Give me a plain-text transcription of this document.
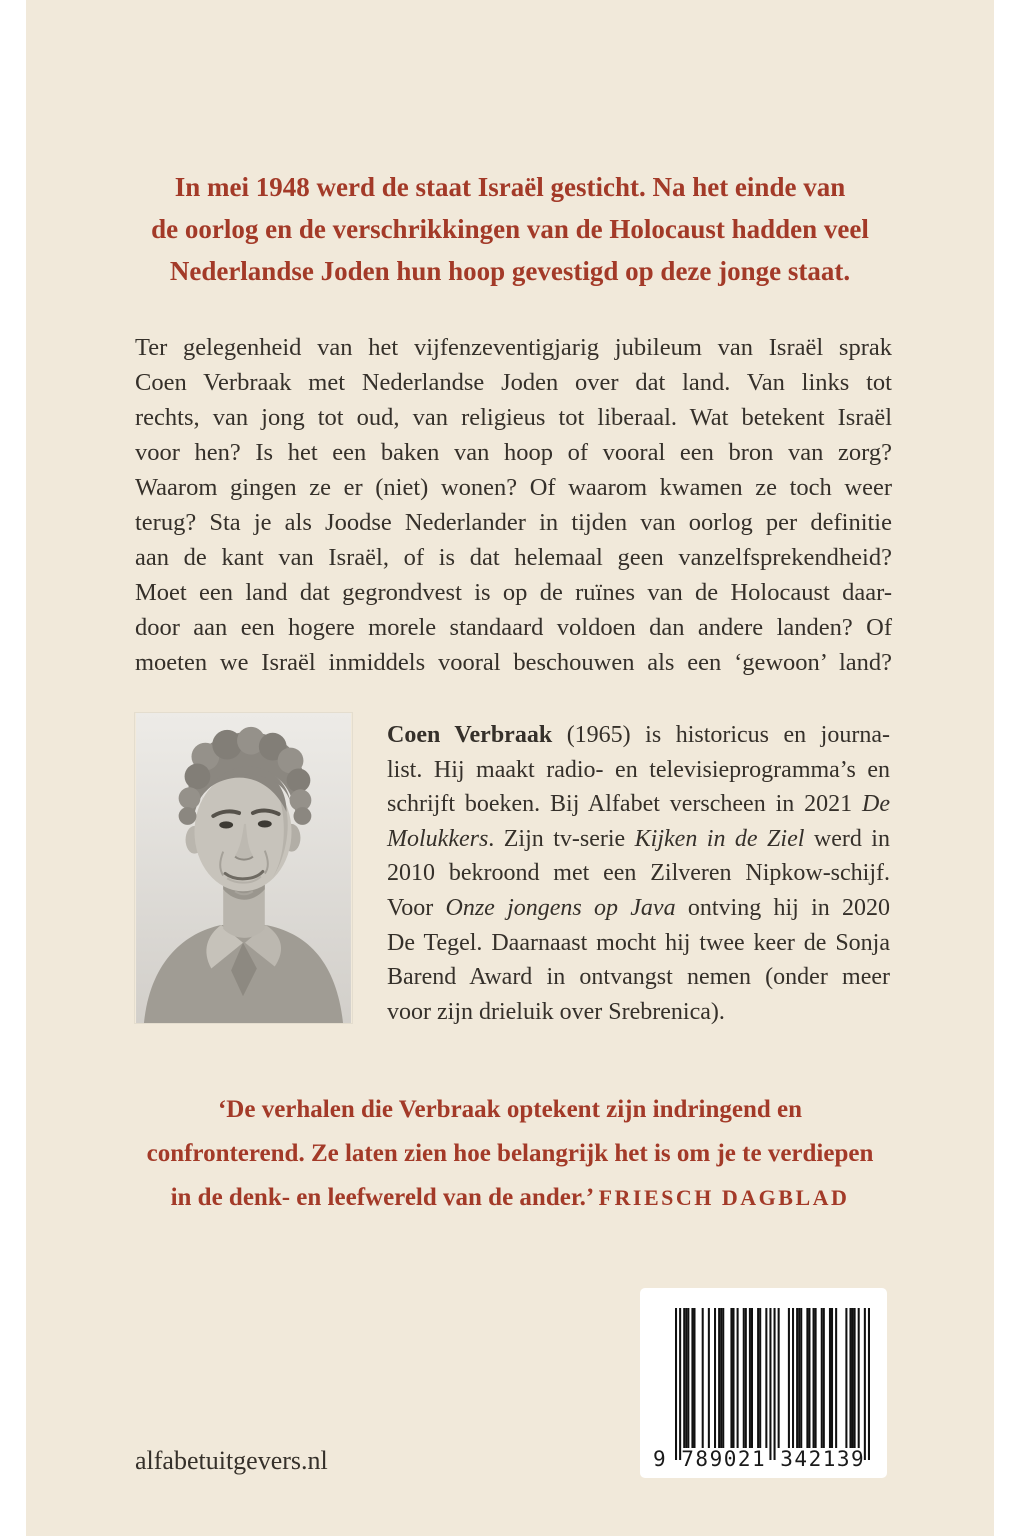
In mei 1948 werd de staat Israël gesticht. Na het einde van
de oorlog en de verschrikkingen van de Holocaust hadden veel
Nederlandse Joden hun hoop gevestigd op deze jonge staat.
Ter gelegenheid van het vijfenzeventigjarig jubileum van Israël sprak
Coen Verbraak met Nederlandse Joden over dat land. Van links tot
rechts, van jong tot oud, van religieus tot liberaal. Wat betekent Israël
voor hen? Is het een baken van hoop of vooral een bron van zorg?
Waarom gingen ze er (niet) wonen? Of waarom kwamen ze toch weer
terug? Sta je als Joodse Nederlander in tijden van oorlog per definitie
aan de kant van Israël, of is dat helemaal geen vanzelfsprekendheid?
Moet een land dat gegrondvest is op de ruïnes van de Holocaust daar-
door aan een hogere morele standaard voldoen dan andere landen? Of
moeten we Israël inmiddels vooral beschouwen als een ‘gewoon’ land?
Coen Verbraak (1965) is historicus en journa-
list. Hij maakt radio- en televisieprogramma’s en
schrijft boeken. Bij Alfabet verscheen in 2021 De
Molukkers. Zijn tv-serie Kijken in de Ziel werd in
2010 bekroond met een Zilveren Nipkow-schijf.
Voor Onze jongens op Java ontving hij in 2020
De Tegel. Daarnaast mocht hij twee keer de Sonja
Barend Award in ontvangst nemen (onder meer
voor zijn drieluik over Srebrenica).
‘De verhalen die Verbraak optekent zijn indringend en
confronterend. Ze laten zien hoe belangrijk het is om je te verdiepen
in de denk- en leefwereld van de ander.’ FRIESCH DAGBLAD
9 789021 342139
alfabetuitgevers.nl
